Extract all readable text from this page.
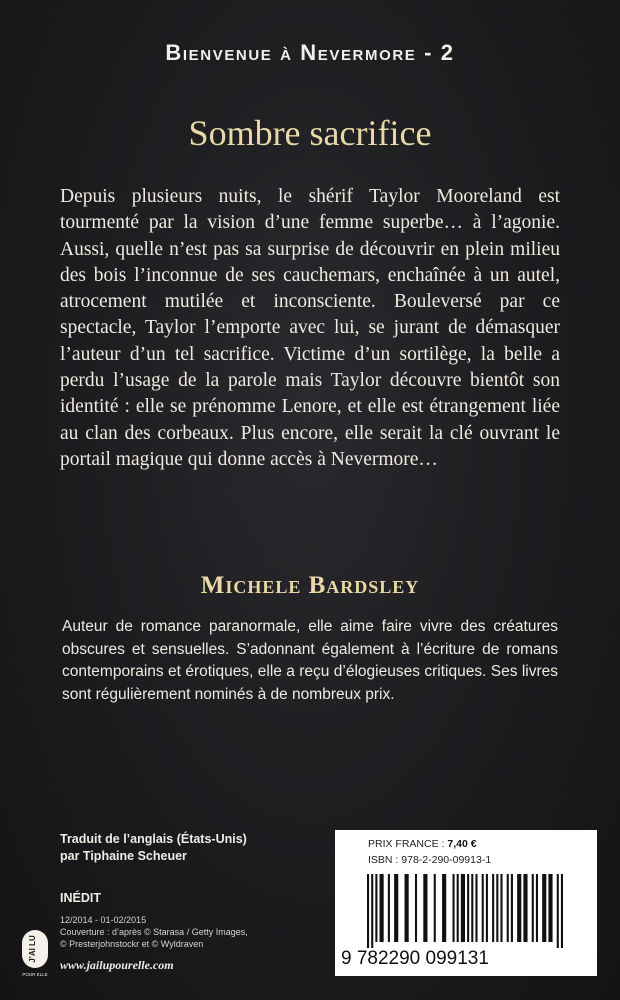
Bienvenue à Nevermore - 2
Sombre sacrifice

Depuis plusieurs nuits, le shérif Taylor Mooreland est tourmenté par la vision d’une femme superbe… à l’agonie. Aussi, quelle n’est pas sa surprise de découvrir en plein milieu des bois l’inconnue de ses cauchemars, enchaînée à un autel, atrocement mutilée et inconsciente. Bouleversé par ce spectacle, Taylor l’emporte avec lui, se jurant de démasquer l’auteur d’un tel sacrifice. Victime d’un sortilège, la belle a perdu l’usage de la parole mais Taylor découvre bientôt son identité : elle se prénomme Lenore, et elle est étrangement liée au clan des corbeaux. Plus encore, elle serait la clé ouvrant le portail magique qui donne accès à Nevermore…

Michele Bardsley

Auteur de romance paranormale, elle aime faire vivre des créatures obscures et sensuelles. S’adonnant également à l’écriture de romans contemporains et érotiques, elle a reçu d’élogieuses critiques. Ses livres sont régulièrement nominés à de nombreux prix.

Traduit de l’anglais (États-Unis)
par Tiphaine Scheuer
INÉDIT
12/2014 - 01-02/2015
Couverture : d’après © Starasa / Getty Images,
© Presterjohnstockr et © Wyldraven
www.jailupourelle.com
J’AI LU
POUR ELLE
PRIX FRANCE : 7,40 €
ISBN : 978-2-290-09913-1
9 782290 099131
